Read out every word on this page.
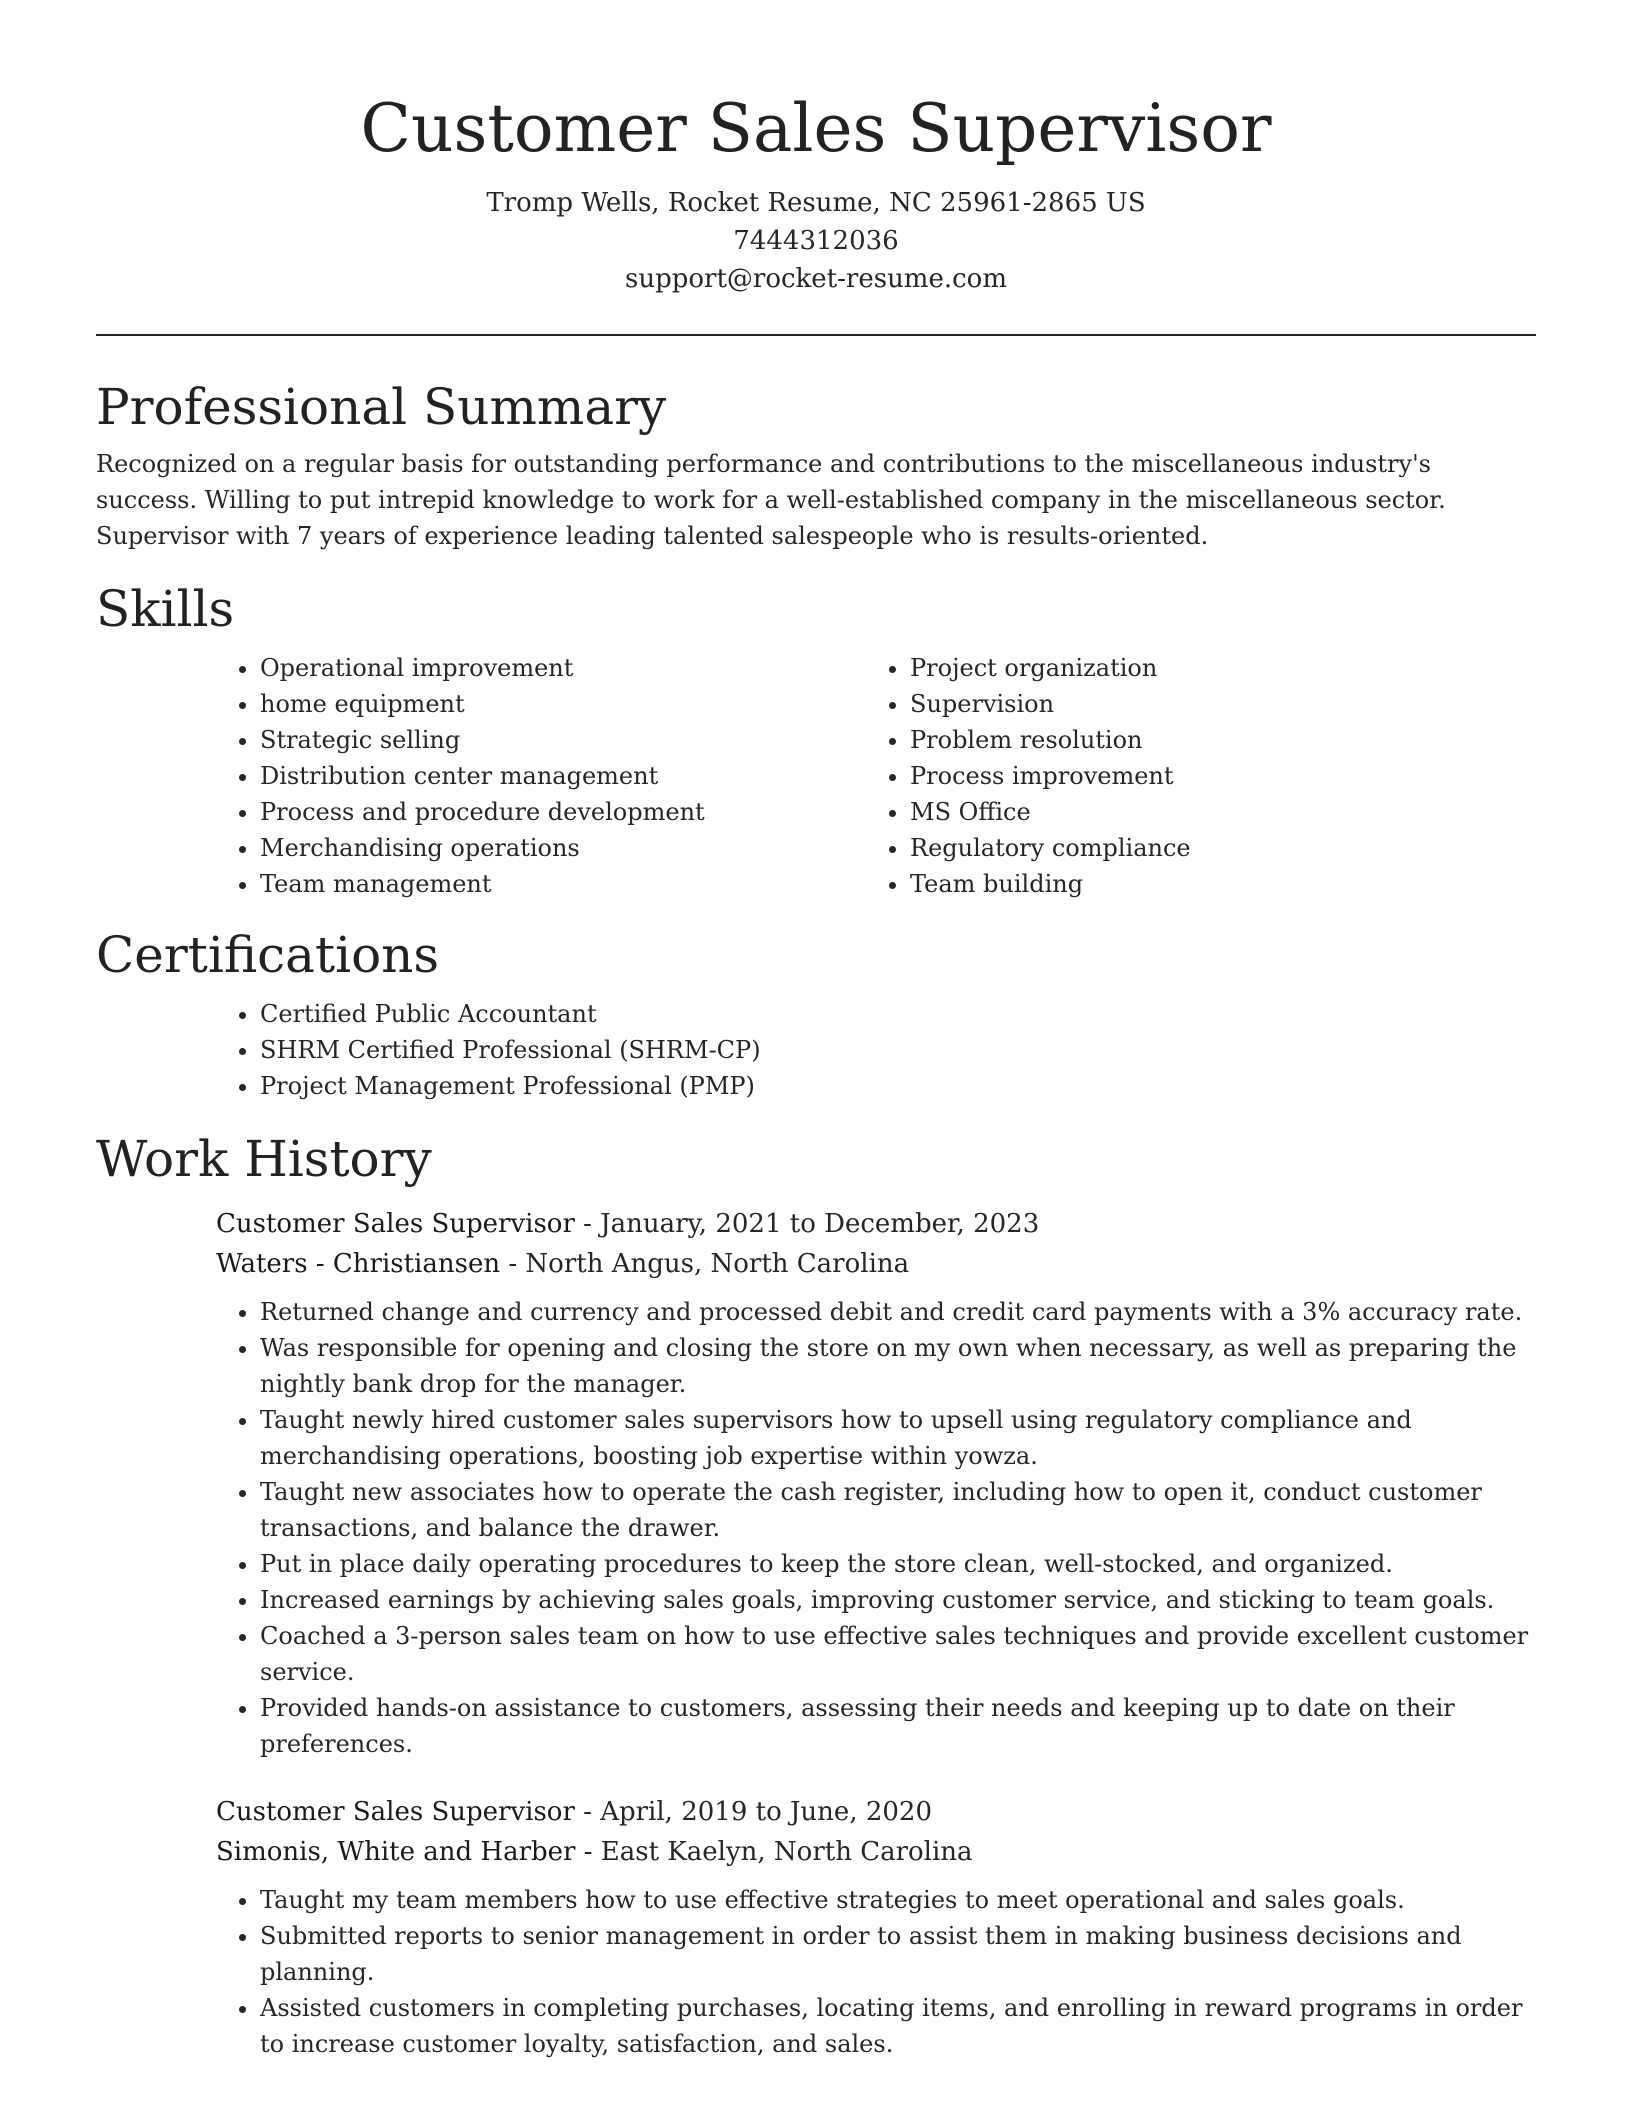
Customer Sales Supervisor

Tromp Wells, Rocket Resume, NC 25961-2865 US

7444312036

support@rocket-resume.com

Professional Summary

Recognized on a regular basis for outstanding performance and contributions to the miscellaneous industry's success. Willing to put intrepid knowledge to work for a well-established company in the miscellaneous sector. Supervisor with 7 years of experience leading talented salespeople who is results-oriented.

Skills
• Operational improvement
• home equipment
• Strategic selling
• Distribution center management
• Process and procedure development
• Merchandising operations
• Team management
• Project organization
• Supervision
• Problem resolution
• Process improvement
• MS Office
• Regulatory compliance
• Team building
Certifications
• Certified Public Accountant
• SHRM Certified Professional (SHRM-CP)
• Project Management Professional (PMP)
Work History

Customer Sales Supervisor - January, 2021 to December, 2023

Waters - Christiansen - North Angus, North Carolina

• Returned change and currency and processed debit and credit card payments with a 3% accuracy rate.
• Was responsible for opening and closing the store on my own when necessary, as well as preparing the nightly bank drop for the manager.
• Taught newly hired customer sales supervisors how to upsell using regulatory compliance and merchandising operations, boosting job expertise within yowza.
• Taught new associates how to operate the cash register, including how to open it, conduct customer transactions, and balance the drawer.
• Put in place daily operating procedures to keep the store clean, well-stocked, and organized.
• Increased earnings by achieving sales goals, improving customer service, and sticking to team goals.
• Coached a 3-person sales team on how to use effective sales techniques and provide excellent customer service.
• Provided hands-on assistance to customers, assessing their needs and keeping up to date on their preferences.

Customer Sales Supervisor - April, 2019 to June, 2020

Simonis, White and Harber - East Kaelyn, North Carolina

• Taught my team members how to use effective strategies to meet operational and sales goals.
• Submitted reports to senior management in order to assist them in making business decisions and planning.
• Assisted customers in completing purchases, locating items, and enrolling in reward programs in order to increase customer loyalty, satisfaction, and sales.
